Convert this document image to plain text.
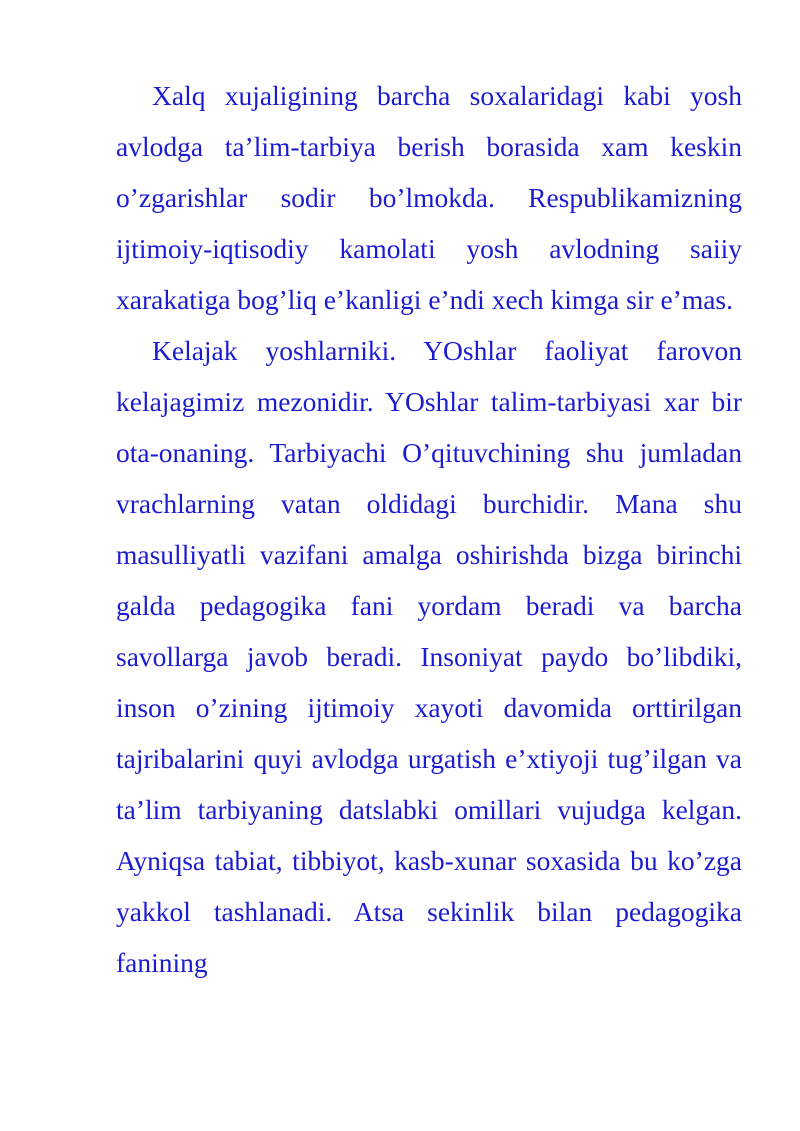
Xalq xujaligining barcha soxalaridagi kabi yosh avlodga ta’lim-tarbiya berish borasida xam keskin o’zgarishlar sodir bo’lmokda. Respublikamizning ijtimoiy-iqtisodiy kamolati yosh avlodning saiiy xarakatiga bog’liq e’kanligi e’ndi xech kimga sir e’mas.

Kelajak yoshlarniki. YOshlar faoliyat farovon kelajagimiz mezonidir. YOshlar talim-tarbiyasi xar bir ota-onaning. Tarbiyachi O’qituvchining shu jumladan vrachlarning vatan oldidagi burchidir. Mana shu masulliyatli vazifani amalga oshirishda bizga birinchi galda pedagogika fani yordam beradi va barcha savollarga javob beradi. Insoniyat paydo bo’libdiki, inson o’zining ijtimoiy xayoti davomida orttirilgan tajribalarini quyi avlodga urgatish e’xtiyoji tug’ilgan va ta’lim tarbiyaning datslabki omillari vujudga kelgan. Ayniqsa tabiat, tibbiyot, kasb-xunar soxasida bu ko’zga yakkol tashlanadi. Atsa sekinlik bilan pedagogika fanining
